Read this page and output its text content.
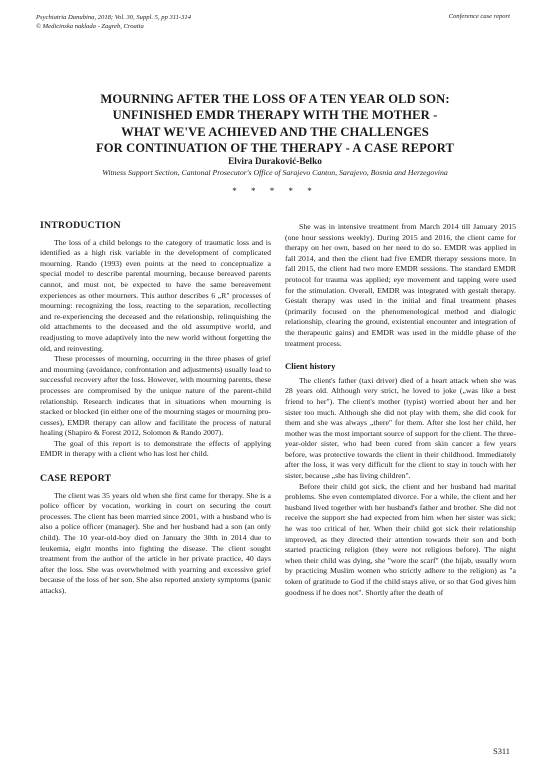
Psychiatria Danubina, 2018; Vol. 30, Suppl. 5, pp 311-314
© Medicinska naklada - Zagreb, Croatia
Conference case report
MOURNING AFTER THE LOSS OF A TEN YEAR OLD SON:
UNFINISHED EMDR THERAPY WITH THE MOTHER -
WHAT WE'VE ACHIEVED AND THE CHALLENGES
FOR CONTINUATION OF THE THERAPY - A CASE REPORT
Elvira Duraković-Belko
Witness Support Section, Cantonal Prosecutor's Office of Sarajevo Canton, Sarajevo, Bosnia and Herzegovina
* * * * *
INTRODUCTION

The loss of a child belongs to the category of traumatic loss and is identified as a high risk variable in the development of complicated mourning. Rando (1993) even points at the need to conceptualize a special model to describe parental mourning, because bereaved parents cannot, and must not, be expected to have the same bereavement experiences as other mourners. This author describes 6 „R" processes of mourning: recognizing the loss, reacting to the separation, recollecting and re-experiencing the deceased and the relationship, relinquishing the old attachments to the deceased and the old assumptive world, and readjusting to move adaptively into the new world without forgetting the old, and reinvesting.

These processes of mourning, occurring in the three phases of grief and mourning (avoidance, confrontation and adjustments) usually lead to successful recovery after the loss. However, with mourning parents, these processes are compromised by the unique nature of the parent-child relationship. Research indicates that in situations when mourning is stacked or blocked (in either one of the mourning stages or mourning processes), EMDR therapy can allow and facilitate the process of natural healing (Shapiro & Forest 2012, Solomon & Rando 2007).

The goal of this report is to demonstrate the effects of applying EMDR in therapy with a client who has lost her child.

CASE REPORT

The client was 35 years old when she first came for therapy. She is a police officer by vocation, working in court on securing the court processes. The client has been married since 2001, with a husband who is also a police officer (manager). She and her husband had a son (an only child). The 10 year-old-boy died on January the 30th in 2014 due to leukemia, eight months into fighting the disease. The client sought treatment from the author of the article in her private practice, 40 days after the loss. She was overwhelmed with yearning and excessive grief because of the loss of her son. She also reported anxiety symptoms (panic attacks).

She was in intensive treatment from March 2014 till January 2015 (one hour sessions weekly). During 2015 and 2016, the client came for therapy on her own, based on her need to do so. EMDR was applied in fall 2014, and then the client had five EMDR therapy sessions more. In fall 2015, the client had two more EMDR sessions. The standard EMDR protocol for trauma was applied; eye movement and tapping were used for the stimulation. Overall, EMDR was integrated with gestalt therapy. Gestalt therapy was used in the initial and final treatment phases (primarily focused on the phenomenological method and dialogic relationship, clearing the ground, existential encounter and integration of the therapeutic gains) and EMDR was used in the middle phase of the treatment process.

Client history

The client's father (taxi driver) died of a heart attack when she was 28 years old. Although very strict, he loved to joke („was like a best friend to her"). The client's mother (typist) worried about her and her sister too much. Although she did not play with them, she did cook for them and she was always „there" for them. After she lost her child, her mother was the most important source of support for the client. The three-year-older sister, who had been cured from skin cancer a few years before, was protective towards the client in their childhood. Immediately after the loss, it was very difficult for the client to stay in touch with her sister, because „she has living children".

Before their child got sick, the client and her husband had marital problems. She even contemplated divorce. For a while, the client and her husband lived together with her husband's father and brother. She did not receive the support she had expected from him when her sister was sick; he was too critical of her. When their child got sick their relationship improved, as they directed their attention towards their son and both started practicing religion (they were not religious before). The night when their child was dying, she "wore the scarf" (the hijab, usually worn by practicing Muslim women who strictly adhere to the religion) as "a token of gratitude to God if the child stays alive, or so that God gives him goodness if he does not". Shortly after the death of

S311
